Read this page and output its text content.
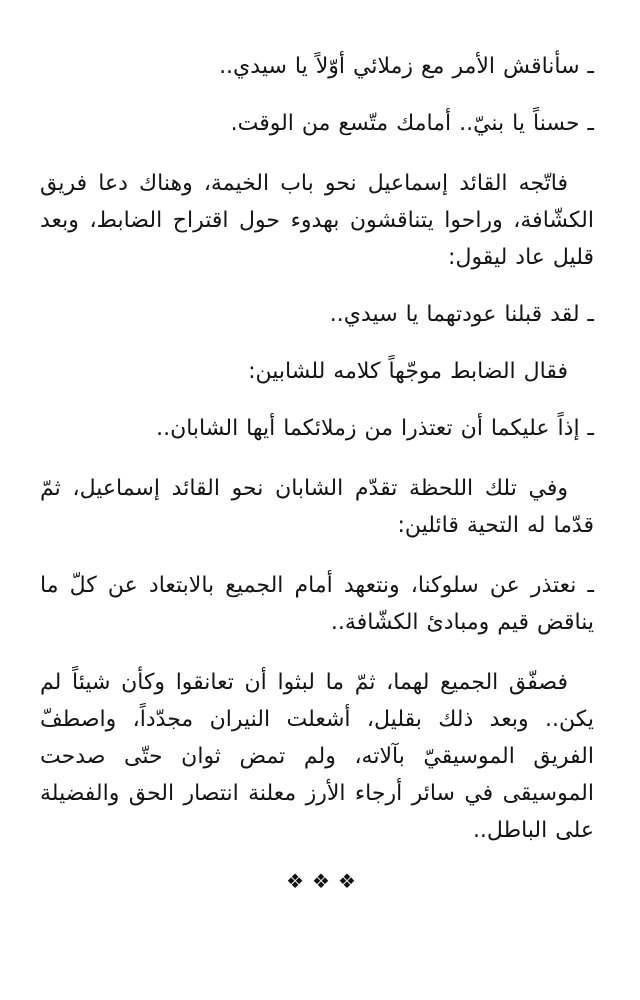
ـ سأناقش الأمر مع زملائي أوّلاً يا سيدي..

ـ حسناً يا بنيّ.. أمامك متّسع من الوقت.

فاتّجه القائد إسماعيل نحو باب الخيمة، وهناك دعا فريق الكشّافة، وراحوا يتناقشون بهدوء حول اقتراح الضابط، وبعد قليل عاد ليقول:

ـ لقد قبلنا عودتهما يا سيدي..

فقال الضابط موجّهاً كلامه للشابين:

ـ إذاً عليكما أن تعتذرا من زملائكما أيها الشابان..

وفي تلك اللحظة تقدّم الشابان نحو القائد إسماعيل، ثمّ قدّما له التحية قائلين:

ـ نعتذر عن سلوكنا، ونتعهد أمام الجميع بالابتعاد عن كلّ ما يناقض قيم ومبادئ الكشّافة..

فصفّق الجميع لهما، ثمّ ما لبثوا أن تعانقوا وكأن شيئاً لم يكن.. وبعد ذلك بقليل، أشعلت النيران مجدّداً، واصطفّ الفريق الموسيقيّ بآلاته، ولم تمض ثوان حتّى صدحت الموسيقى في سائر أرجاء الأرز معلنة انتصار الحق والفضيلة على الباطل..

❖❖❖
